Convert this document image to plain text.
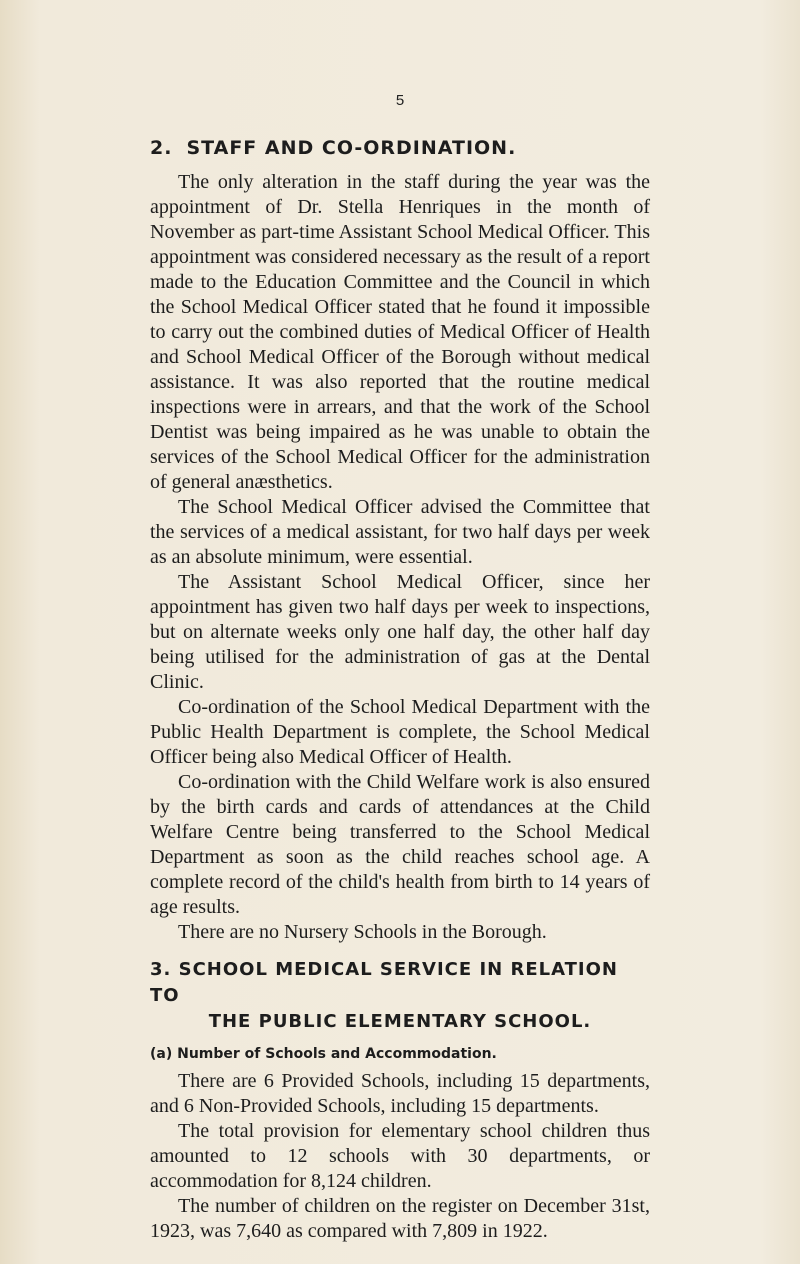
5
2. STAFF AND CO-ORDINATION.

The only alteration in the staff during the year was the appointment of Dr. Stella Henriques in the month of November as part-time Assistant School Medical Officer. This appointment was considered necessary as the result of a report made to the Education Committee and the Council in which the School Medical Officer stated that he found it impossible to carry out the combined duties of Medical Officer of Health and School Medical Officer of the Borough without medical assistance. It was also reported that the routine medical inspections were in arrears, and that the work of the School Dentist was being impaired as he was unable to obtain the services of the School Medical Officer for the administration of general anæsthetics.

The School Medical Officer advised the Committee that the services of a medical assistant, for two half days per week as an absolute minimum, were essential.

The Assistant School Medical Officer, since her appointment has given two half days per week to inspections, but on alternate weeks only one half day, the other half day being utilised for the administration of gas at the Dental Clinic.

Co-ordination of the School Medical Department with the Public Health Department is complete, the School Medical Officer being also Medical Officer of Health.

Co-ordination with the Child Welfare work is also ensured by the birth cards and cards of attendances at the Child Welfare Centre being transferred to the School Medical Department as soon as the child reaches school age. A complete record of the child's health from birth to 14 years of age results.

There are no Nursery Schools in the Borough.

3. SCHOOL MEDICAL SERVICE IN RELATION TO
THE PUBLIC ELEMENTARY SCHOOL.
(a) Number of Schools and Accommodation.

There are 6 Provided Schools, including 15 departments, and 6 Non-Provided Schools, including 15 departments.

The total provision for elementary school children thus amounted to 12 schools with 30 departments, or accommodation for 8,124 children.

The number of children on the register on December 31st, 1923, was 7,640 as compared with 7,809 in 1922.
